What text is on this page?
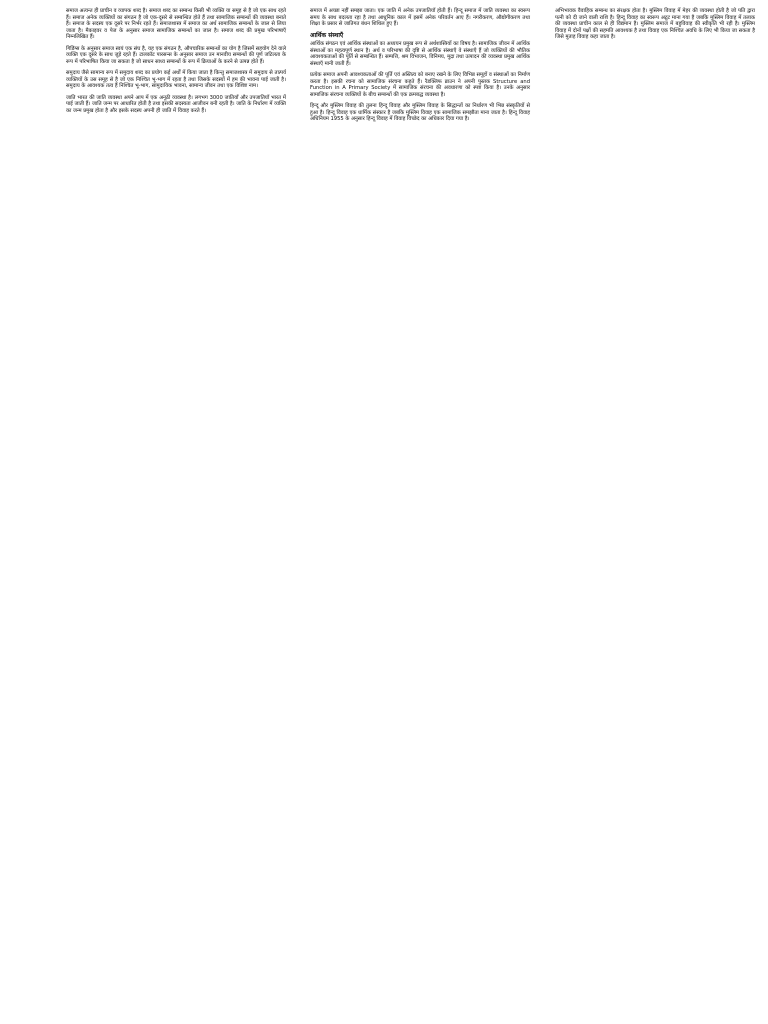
समाज अत्यन्त ही प्राचीन व व्यापक शब्द है। समाज शब्द का सम्बन्ध किसी भी व्यक्ति या समूह से है जो एक साथ रहते हैं। समाज अनेक व्यक्तियों का संगठन है जो एक-दूसरे से सम्बन्धित होते हैं तथा सामाजिक सम्बन्धों की व्यवस्था बनाते हैं। समाज के सदस्य एक दूसरे पर निर्भर रहते हैं। समाजशास्त्र में समाज का अर्थ सामाजिक सम्बन्धों के जाल से लिया जाता है। मैकाइवर व पेज के अनुसार समाज सामाजिक सम्बन्धों का जाल है। समाज शब्द की प्रमुख परिभाषाएँ निम्नलिखित हैं।

गिडिंग्स के अनुसार समाज स्वयं एक संघ है, यह एक संगठन है, औपचारिक सम्बन्धों का योग है जिसमें सहयोग देने वाले व्यक्ति एक दूसरे के साथ जुड़े रहते हैं। टालकॉट पारसन्स के अनुसार समाज उन मानवीय सम्बन्धों की पूर्ण जटिलता के रूप में परिभाषित किया जा सकता है जो साधन साध्य सम्बन्धों के रूप में क्रियाओं के करने से उत्पन्न होते हैं।

समुदाय जैसे सामान्य रूप में समुदाय शब्द का प्रयोग कई अर्थों में किया जाता है किन्तु समाजशास्त्र में समुदाय से तात्पर्य व्यक्तियों के उस समूह से है जो एक निश्चित भू-भाग में रहता है तथा जिसके सदस्यों में हम की भावना पाई जाती है। समुदाय के आवश्यक तत्व हैं निश्चित भू-भाग, सामुदायिक भावना, सामान्य जीवन तथा एक विशिष्ट नाम।

जाति भारत की जाति व्यवस्था अपने आप में एक अनूठी व्यवस्था है। लगभग 3000 जातियाँ और उपजातियाँ भारत में पाई जाती हैं। जाति जन्म पर आधारित होती है तथा इसकी सदस्यता आजीवन बनी रहती है। जाति के निर्धारण में व्यक्ति का जन्म प्रमुख होता है और इसके सदस्य अपनी ही जाति में विवाह करते हैं।

समाज में अच्छा नहीं समझा जाता। एक जाति में अनेक उपजातियाँ होती हैं। हिन्दू समाज में जाति व्यवस्था का स्वरूप समय के साथ बदलता रहा है तथा आधुनिक काल में इसमें अनेक परिवर्तन आए हैं। नगरीकरण, औद्योगीकरण तथा शिक्षा के प्रसार से जातिगत बंधन शिथिल हुए हैं।

आर्थिक संस्थाएँ

आर्थिक संगठन एवं आर्थिक संस्थाओं का अध्ययन प्रमुख रूप से अर्थशास्त्रियों का विषय है। सामाजिक जीवन में आर्थिक संस्थाओं का महत्वपूर्ण स्थान है। अर्थ व परिभाषा की दृष्टि से आर्थिक संस्थाएँ वे संस्थाएँ हैं जो व्यक्तियों की भौतिक आवश्यकताओं की पूर्ति से सम्बन्धित हैं। सम्पत्ति, श्रम विभाजन, विनिमय, मुद्रा तथा उत्पादन की व्यवस्था प्रमुख आर्थिक संस्थाएँ मानी जाती हैं।

प्रत्येक समाज अपनी आवश्यकताओं की पूर्ति एवं अस्तित्व को बनाए रखने के लिए विभिन्न समूहों व संस्थाओं का निर्माण करता है। इसकी रचना को सामाजिक संरचना कहते हैं। रैडक्लिफ ब्राउन ने अपनी पुस्तक Structure and Function in A Primary Society में सामाजिक संरचना की अवधारणा को स्पष्ट किया है। उनके अनुसार सामाजिक संरचना व्यक्तियों के बीच सम्बन्धों की एक क्रमबद्ध व्यवस्था है।

हिन्दू और मुस्लिम विवाह की तुलना हिन्दू विवाह और मुस्लिम विवाह के सिद्धान्तों का निर्धारण भी भिन्न संस्कृतियों से हुआ है। हिन्दू विवाह एक धार्मिक संस्कार है जबकि मुस्लिम विवाह एक सामाजिक समझौता माना जाता है। हिन्दू विवाह अधिनियम 1955 के अनुसार हिन्दू विवाह में विवाह विच्छेद का अधिकार दिया गया है।

अभिभावक वैवाहिक सम्बन्ध का संरक्षक होता है। मुस्लिम विवाह में मेहर की व्यवस्था होती है जो पति द्वारा पत्नी को दी जाने वाली राशि है। हिन्दू विवाह का स्वरूप अटूट माना गया है जबकि मुस्लिम विवाह में तलाक की व्यवस्था प्राचीन काल से ही विद्यमान है। मुस्लिम समाज में बहुविवाह की स्वीकृति भी रही है। मुस्लिम विवाह में दोनों पक्षों की सहमति आवश्यक है तथा विवाह एक निश्चित अवधि के लिए भी किया जा सकता है जिसे मुताह विवाह कहा जाता है।
